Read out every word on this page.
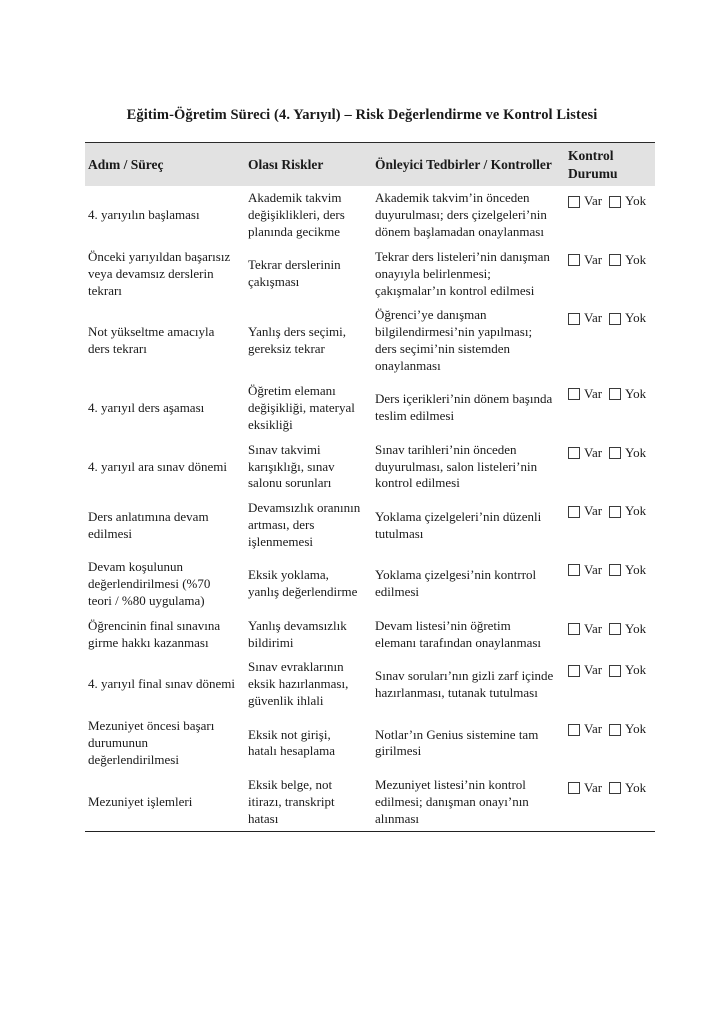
Eğitim-Öğretim Süreci (4. Yarıyıl) – Risk Değerlendirme ve Kontrol Listesi
Adım / Süreç	Olası Riskler	Önleyici Tedbirler / Kontroller	Kontrol Durumu
4. yarıyılın başlaması	Akademik takvim değişiklikleri, ders planında gecikme	Akademik takvim’in önceden duyurulması; ders çizelgeleri’nin dönem başlamadan onaylanması	Var Yok

Önceki yarıyıldan başarısız veya devamsız derslerin tekrarı	Tekrar derslerinin çakışması	Tekrar ders listeleri’nin danışman onayıyla belirlenmesi; çakışmalar’ın kontrol edilmesi	Var Yok

Not yükseltme amacıyla ders tekrarı	Yanlış ders seçimi, gereksiz tekrar	Öğrenci’ye danışman bilgilendirmesi’nin yapılması; ders seçimi’nin sistemden onaylanması	Var Yok

4. yarıyıl ders aşaması	Öğretim elemanı değişikliği, materyal eksikliği	Ders içerikleri’nin dönem başında teslim edilmesi	Var Yok

4. yarıyıl ara sınav dönemi	Sınav takvimi karışıklığı, sınav salonu sorunları	Sınav tarihleri’nin önceden duyurulması, salon listeleri’nin kontrol edilmesi	Var Yok

Ders anlatımına devam edilmesi	Devamsızlık oranının artması, ders işlenmemesi	Yoklama çizelgeleri’nin düzenli tutulması	Var Yok

Devam koşulunun değerlendirilmesi (%70 teori / %80 uygulama)	Eksik yoklama, yanlış değerlendirme	Yoklama çizelgesi’nin kontrrol edilmesi	Var Yok

Öğrencinin final sınavına girme hakkı kazanması	Yanlış devamsızlık bildirimi	Devam listesi’nin öğretim elemanı tarafından onaylanması	Var Yok

4. yarıyıl final sınav dönemi	Sınav evraklarının eksik hazırlanması, güvenlik ihlali	Sınav soruları’nın gizli zarf içinde hazırlanması, tutanak tutulması	Var Yok

Mezuniyet öncesi başarı durumunun değerlendirilmesi	Eksik not girişi, hatalı hesaplama	Notlar’ın Genius sistemine tam girilmesi	Var Yok

Mezuniyet işlemleri	Eksik belge, not itirazı, transkript hatası	Mezuniyet listesi’nin kontrol edilmesi; danışman onayı’nın alınması	Var Yok
